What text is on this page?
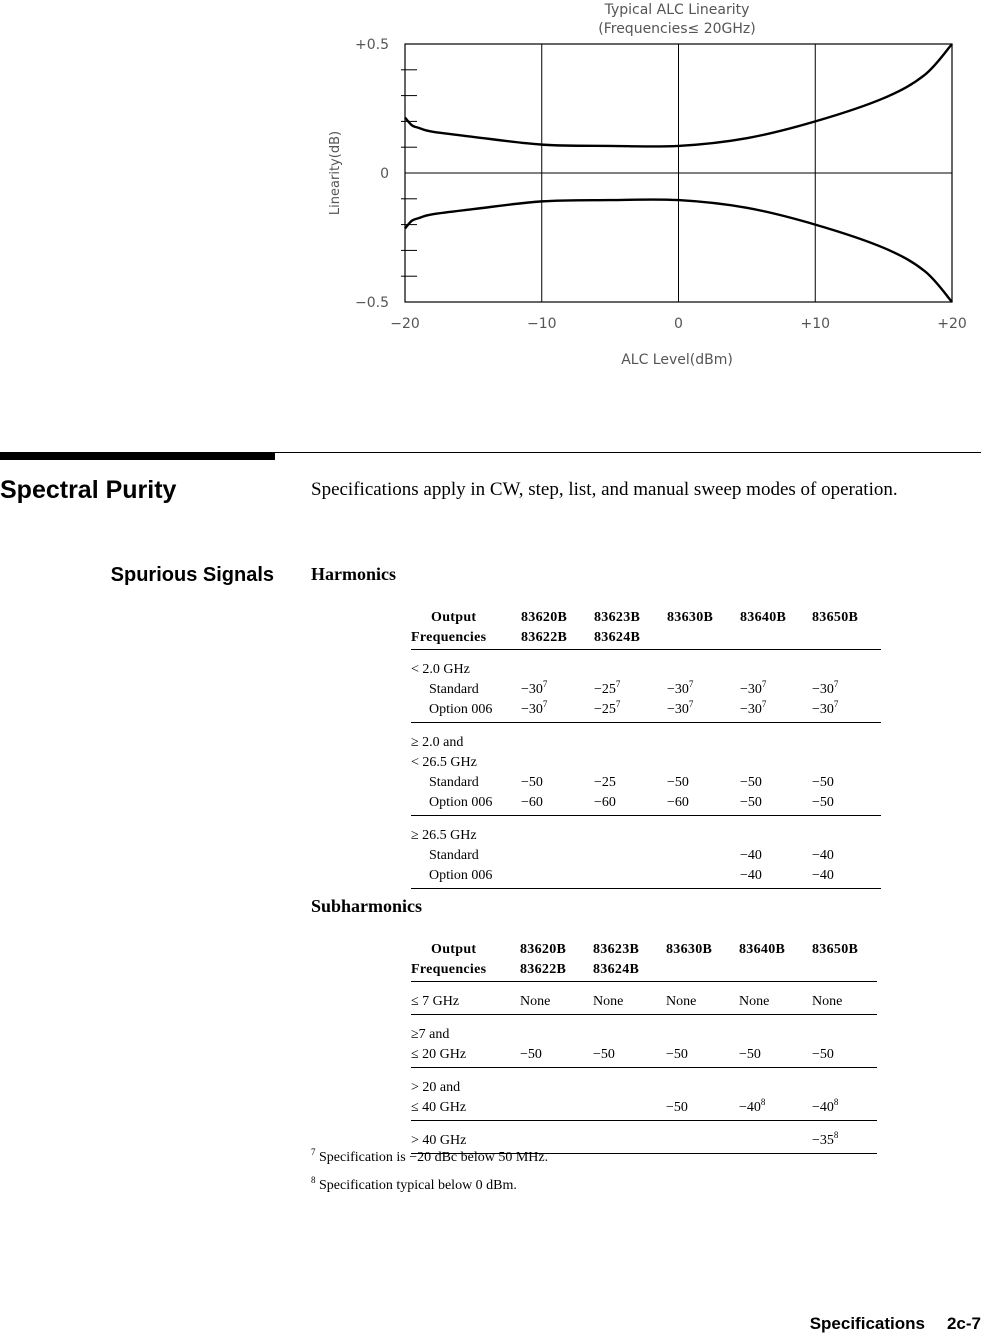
Typical ALC Linearity
(Frequencies≤ 20GHz)
Linearity(dB)
ALC Level(dBm)
−20	−10	0	+10	+20
+0.5
0
−0.5
Spectral Purity	Specifications apply in CW, step, list, and manual sweep modes of operation.
Spurious Signals Harmonics
Output	83620B	83623B	83630B	83640B	83650B
Frequencies	83622B	83624B			
< 2.0 GHz					
Standard	$-30^7$	$-25^7$	$-30^7$	$-30^7$	$-30^7$
Option 006	$-30^7$	$-25^7$	$-30^7$	$-30^7$	$-30^7$
≥ 2.0 and					
< 26.5 GHz					
Standard	−50	−25	−50	−50	−50
Option 006	−60	−60	−60	−50	−50
≥ 26.5 GHz					
Standard				−40	−40
Option 006				−40	−40
Subharmonics
Output	83620B	83623B	83630B	83640B	83650B
Frequencies	83622B	83624B			
≤ 7 GHz	None	None	None	None	None
≥7 and					
≤ 20 GHz	−50	−50	−50	−50	−50
> 20 and					
≤ 40 GHz			−50	$-40^8$	$-40^8$
> 40 GHz					$-35^8$
$^7$ Specification is −20 dBc below 50 MHz.
$^8$ Specification typical below 0 dBm.
Specifications 2c-7
